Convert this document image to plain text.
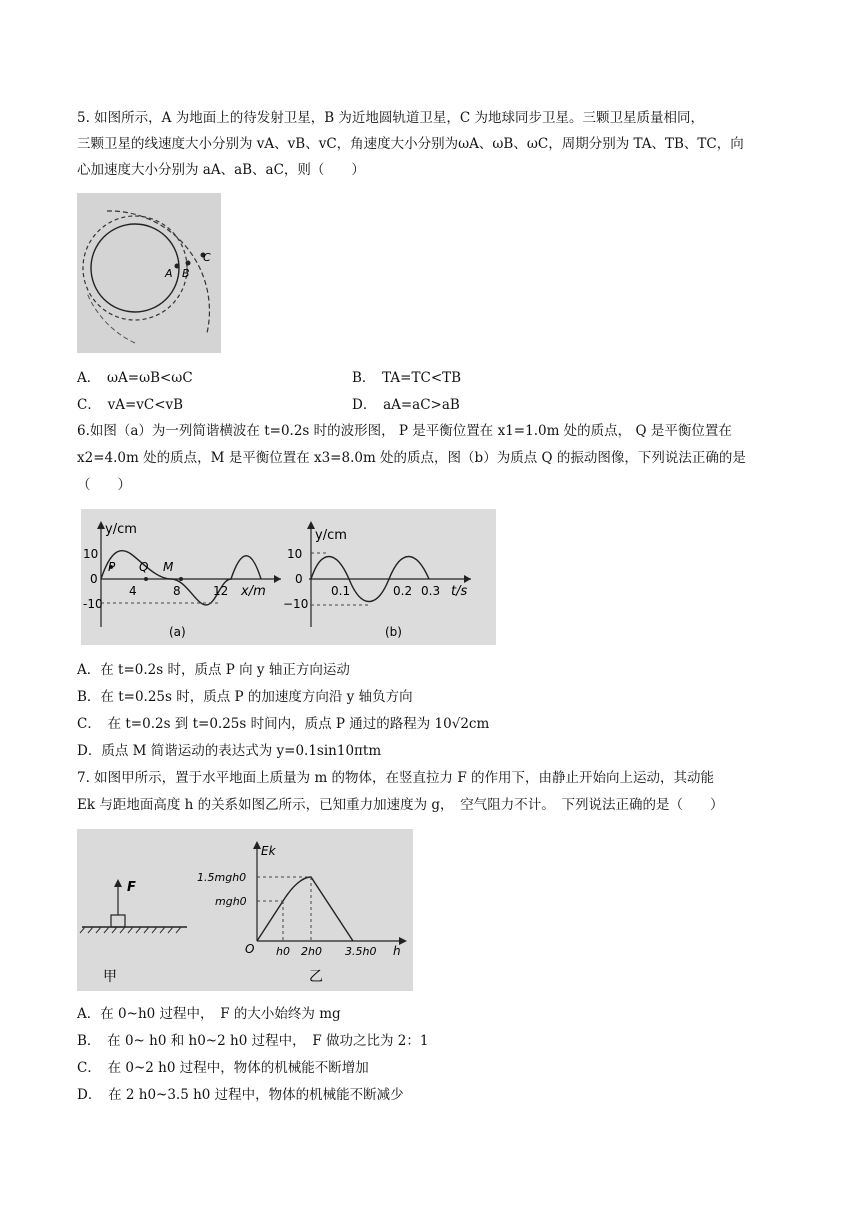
5. 如图所示，A 为地面上的待发射卫星，B 为近地圆轨道卫星，C 为地球同步卫星。三颗卫星质量相同，
三颗卫星的线速度大小分别为 vA、vB、vC，角速度大小分别为ωA、ωB、ωC，周期分别为 TA、TB、TC，向
心加速度大小分别为 aA、aB、aC，则（　　）
A B
C
A．　ωA=ωB<ωC	B．　TA=TC<TB
C．　vA=vC<vB	D．　aA=aC>aB
6.如图（a）为一列简谐横波在 t=0.2s 时的波形图， P 是平衡位置在 x1=1.0m 处的质点， Q 是平衡位置在
x2=4.0m 处的质点，M 是平衡位置在 x3=8.0m 处的质点，图（b）为质点 Q 的振动图像，下列说法正确的是
（　　）
y/cm
10
0
-10
P Q M
4	8	12 x/m
(a)
y/cm
10
0
−10
0.1	0.2 0.3 t/s
(b)
A．在 t=0.2s 时，质点 P 向 y 轴正方向运动
B．在 t=0.25s 时，质点 P 的加速度方向沿 y 轴负方向
C．　在 t=0.2s 到 t=0.25s 时间内，质点 P 通过的路程为 10√2cm
D．质点 M 简谐运动的表达式为 y=0.1sin10πtm
7. 如图甲所示，置于水平地面上质量为 m 的物体，在竖直拉力 F 的作用下，由静止开始向上运动，其动能
Ek 与距地面高度 h 的关系如图乙所示，已知重力加速度为 g，　空气阻力不计。　下列说法正确的是（　　）
F
甲
Ek
1.5mgh0
mgh0
O h0 2h0 3.5h0 h
乙
A．在 0~h0 过程中，　F 的大小始终为 mg
B．　在 0~ h0 和 h0~2 h0 过程中，　F 做功之比为 2：1
C．　在 0~2 h0 过程中，物体的机械能不断增加
D．　在 2 h0~3.5 h0 过程中，物体的机械能不断减少
